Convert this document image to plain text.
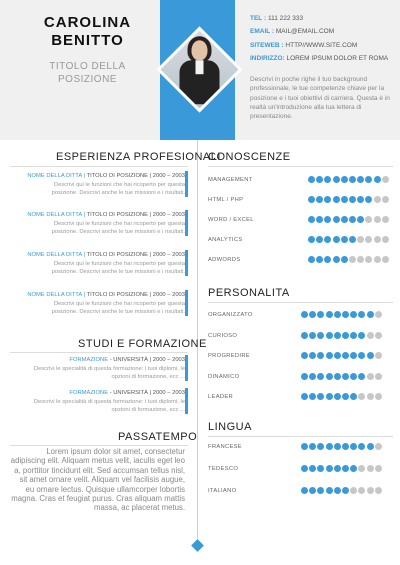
CAROLINA
BENITTO
TITOLO DELLA
POSIZIONE
TEL : 111 222 333
EMAIL : MAIL@EMAIL.COM
SITEWEB : HTTP//WWW.SITE.COM
INDIRIZZO: LOREM IPSUM DOLOR ET ROMA
Descrivi in poche righe il tuo background professionale, le tue competenze chiave per la posizione e i tuoi obiettivi di carriera. Questa è in realtà un'introduzione alla tua lettera di presentazione.
ESPERIENZA PROFESIONALI
NOME DELLA DITTA | TITOLO DI POSIZIONE | 2000 – 2003
Descrivi qui le funzioni che hai ricoperto per questa
posizione. Descrivi anche le tue missioni e i risultati.
NOME DELLA DITTA | TITOLO DI POSIZIONE | 2000 – 2003
Descrivi qui le funzioni che hai ricoperto per questa
posizione. Descrivi anche le tue missioni e i risultati.
NOME DELLA DITTA | TITOLO DI POSIZIONE | 2000 – 2003
Descrivi qui le funzioni che hai ricoperto per questa
posizione. Descrivi anche le tue missioni e i risultati.
NOME DELLA DITTA | TITOLO DI POSIZIONE | 2000 – 2003
Descrivi qui le funzioni che hai ricoperto per questa
posizione. Descrivi anche le tue missioni e i risultati.
STUDI E FORMAZIONE
FORMAZIONE - UNIVERSITÀ | 2000 – 2003
Descrivi le specialità di questa formazione: i tuoi diplomi, le
opzioni di formazione, ecc ...
FORMAZIONE - UNIVERSITÀ | 2000 – 2003
Descrivi le specialità di questa formazione: i tuoi diplomi, le
opzioni di formazione, ecc ...
PASSATEMPO
Lorem ipsum dolor sit amet, consectetur adipiscing elit. Aliquam metus velit, iaculis eget leo a, porttitor tincidunt elit. Sed accumsan tellus nisl, sit amet ornare velit. Aliquam vel facilisis augue, eu ornare lectus. Quisque ullamcorper lobortis magna. Cras et feugiat purus. Cras aliquam mattis massa, ac placerat metus.
CONOSCENZE
MANAGEMENT
HTML / PHP
WORD / EXCEL
ANALYTICS
ADWORDS
PERSONALITA
ORGANIZZATO
CURIOSO
PROGREDIRE
DINAMICO
LEADER
LINGUA
FRANCESE
TEDESCO
ITALIANO
